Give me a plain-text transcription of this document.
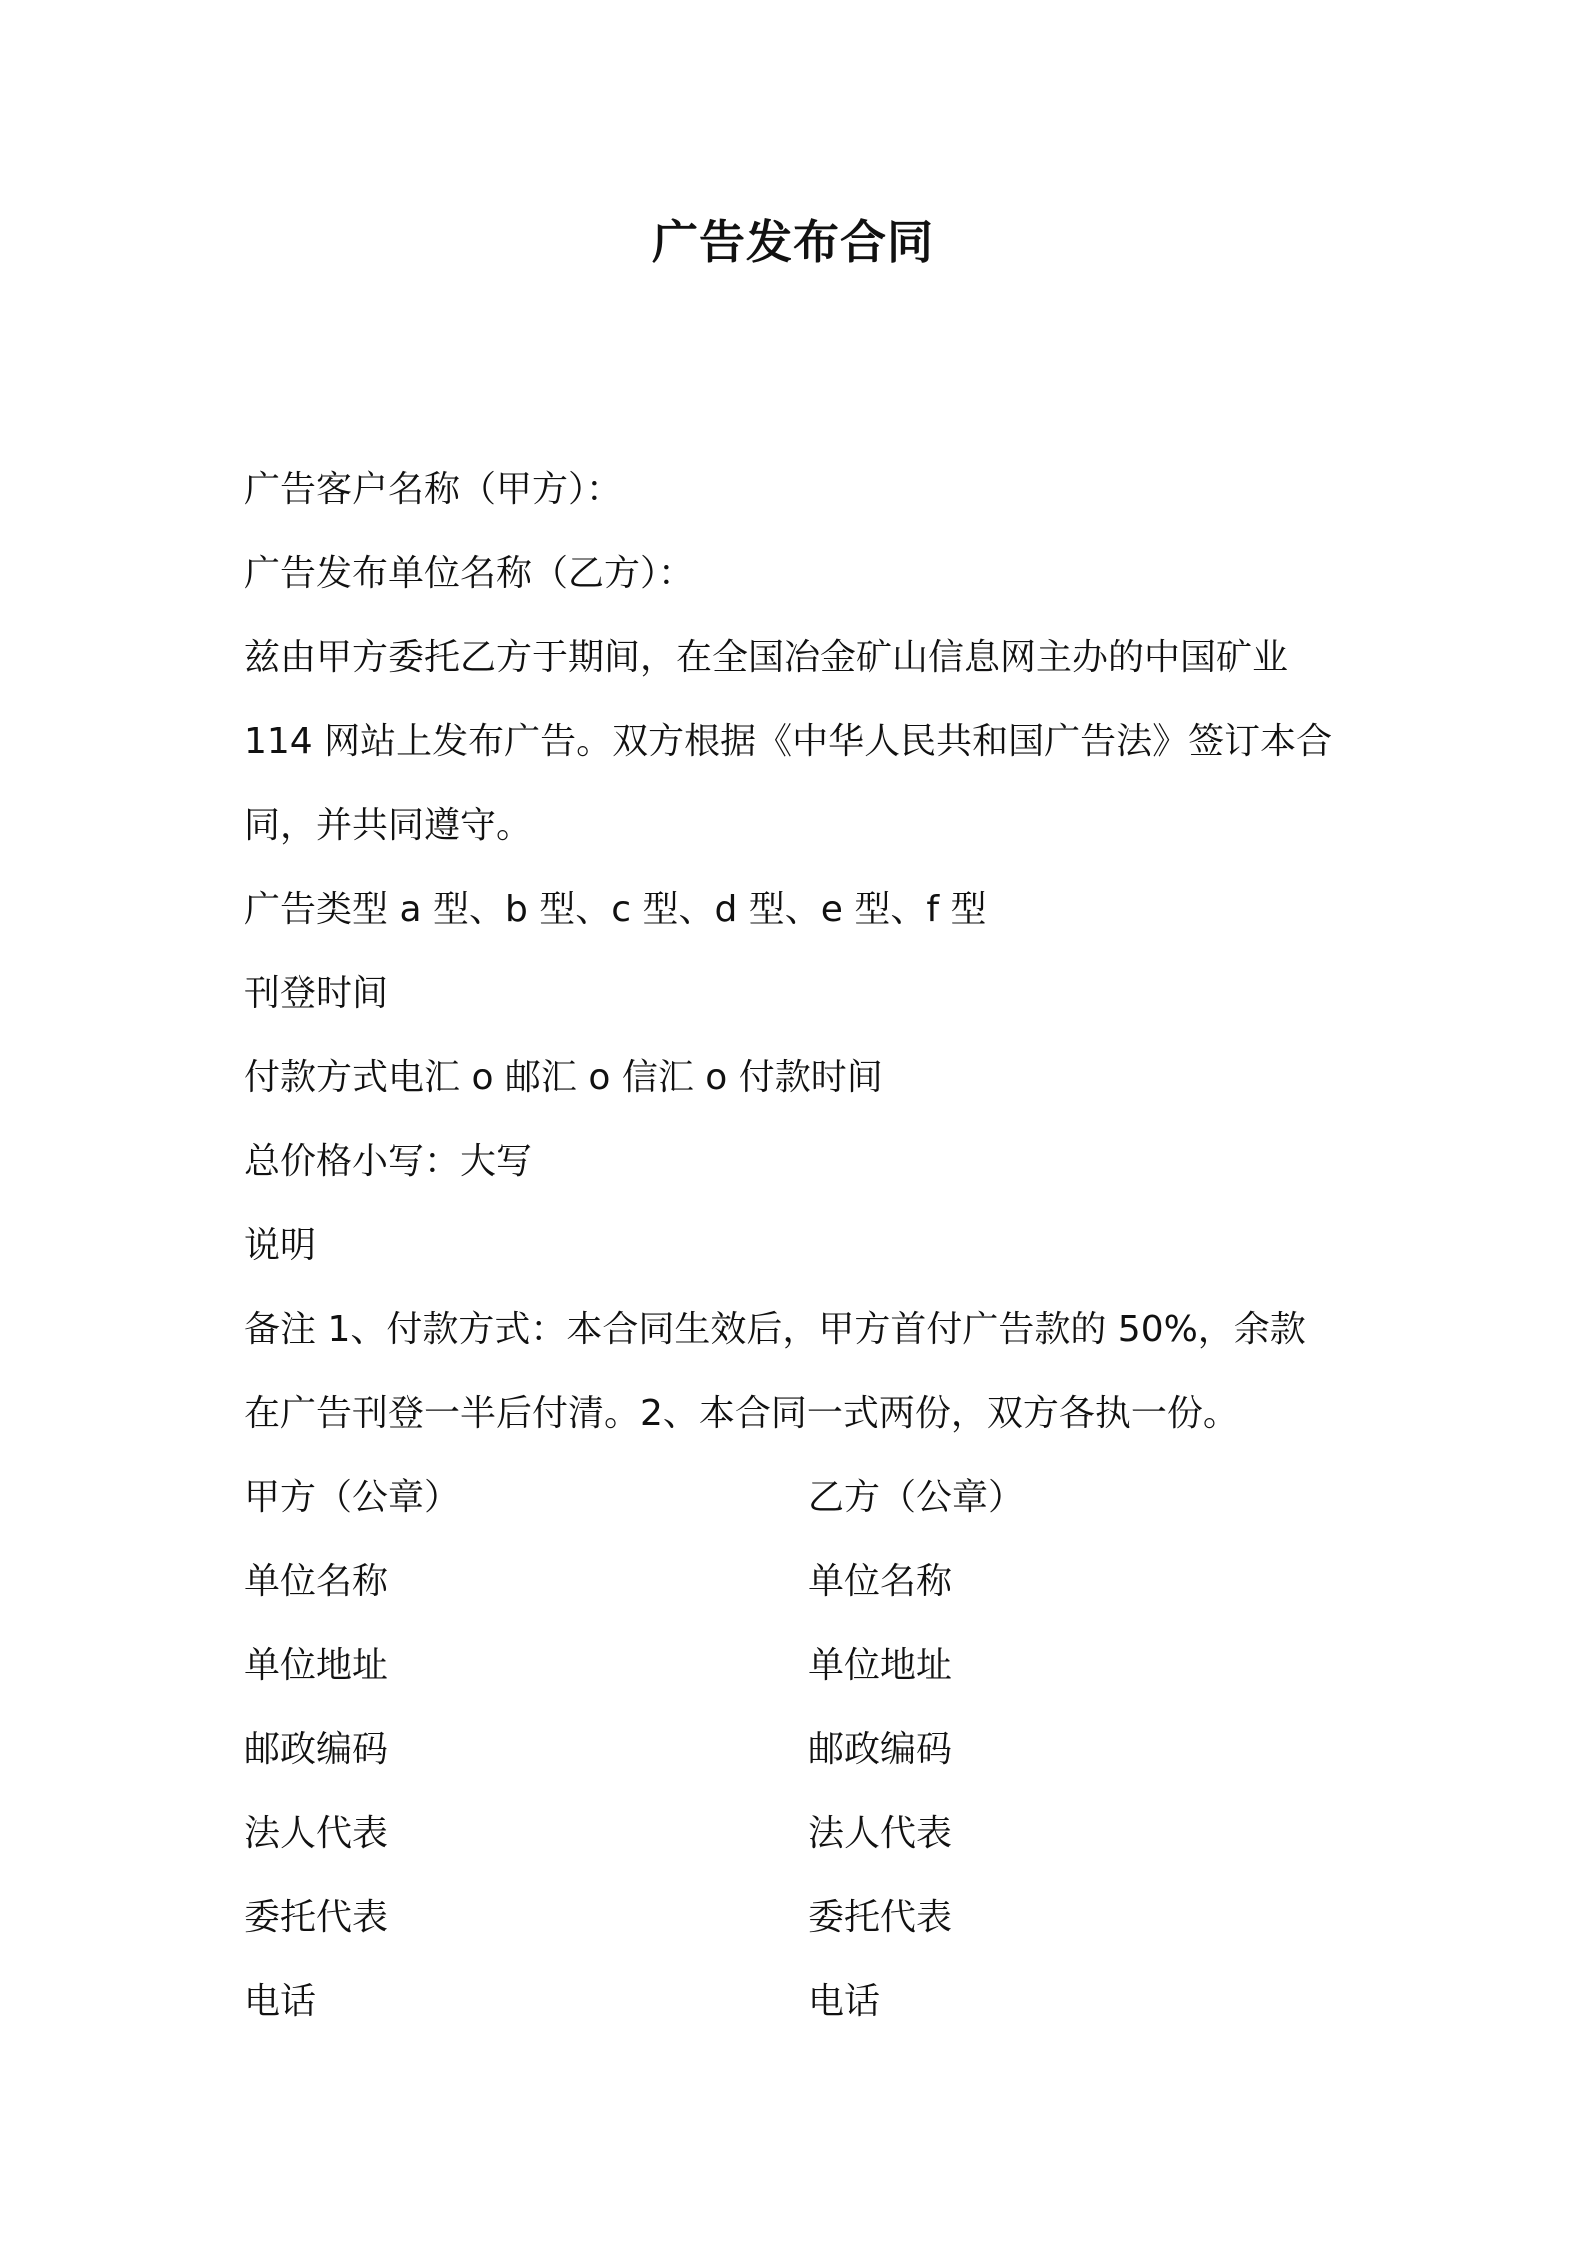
广告发布合同
广告客户名称（甲方）：
广告发布单位名称（乙方）：
兹由甲方委托乙方于期间，在全国冶金矿山信息网主办的中国矿业
114 网站上发布广告。双方根据《中华人民共和国广告法》签订本合
同，并共同遵守。
广告类型 a 型、b 型、c 型、d 型、e 型、f 型
刊登时间
付款方式电汇 o 邮汇 o 信汇 o 付款时间
总价格小写：大写
说明
备注 1、付款方式：本合同生效后，甲方首付广告款的 50%，余款
在广告刊登一半后付清。2、本合同一式两份，双方各执一份。
甲方（公章）	乙方（公章）
单位名称	单位名称
单位地址	单位地址
邮政编码	邮政编码
法人代表	法人代表
委托代表	委托代表
电话	电话
